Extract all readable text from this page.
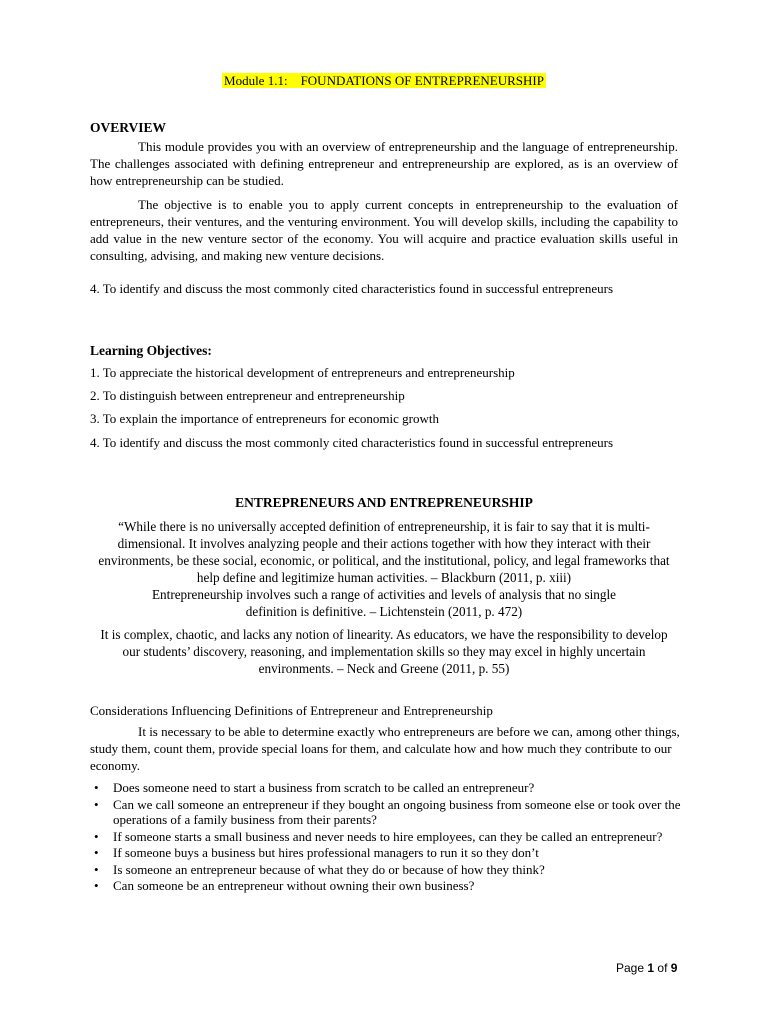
Module 1.1:    FOUNDATIONS OF ENTREPRENEURSHIP
OVERVIEW
This module provides you with an overview of entrepreneurship and the language of entrepreneurship. The challenges associated with defining entrepreneur and entrepreneurship are explored, as is an overview of how entrepreneurship can be studied.
The objective is to enable you to apply current concepts in entrepreneurship to the evaluation of entrepreneurs, their ventures, and the venturing environment. You will develop skills, including the capability to add value in the new venture sector of the economy. You will acquire and practice evaluation skills useful in consulting, advising, and making new venture decisions.
4. To identify and discuss the most commonly cited characteristics found in successful entrepreneurs
Learning Objectives:
1. To appreciate the historical development of entrepreneurs and entrepreneurship
2. To distinguish between entrepreneur and entrepreneurship
3. To explain the importance of entrepreneurs for economic growth
4. To identify and discuss the most commonly cited characteristics found in successful entrepreneurs
ENTREPRENEURS AND ENTREPRENEURSHIP
“While there is no universally accepted definition of entrepreneurship, it is fair to say that it is multi-dimensional. It involves analyzing people and their actions together with how they interact with their environments, be these social, economic, or political, and the institutional, policy, and legal frameworks that help define and legitimize human activities. – Blackburn (2011, p. xiii)
Entrepreneurship involves such a range of activities and levels of analysis that no single definition is definitive. – Lichtenstein (2011, p. 472)
It is complex, chaotic, and lacks any notion of linearity. As educators, we have the responsibility to develop our students’ discovery, reasoning, and implementation skills so they may excel in highly uncertain environments. – Neck and Greene (2011, p. 55)
Considerations Influencing Definitions of Entrepreneur and Entrepreneurship
It is necessary to be able to determine exactly who entrepreneurs are before we can, among other things, study them, count them, provide special loans for them, and calculate how and how much they contribute to our economy.
• Does someone need to start a business from scratch to be called an entrepreneur?
• Can we call someone an entrepreneur if they bought an ongoing business from someone else or took over the operations of a family business from their parents?
• If someone starts a small business and never needs to hire employees, can they be called an entrepreneur?
• If someone buys a business but hires professional managers to run it so they don’t
• Is someone an entrepreneur because of what they do or because of how they think?
• Can someone be an entrepreneur without owning their own business?
Page 1 of 9
